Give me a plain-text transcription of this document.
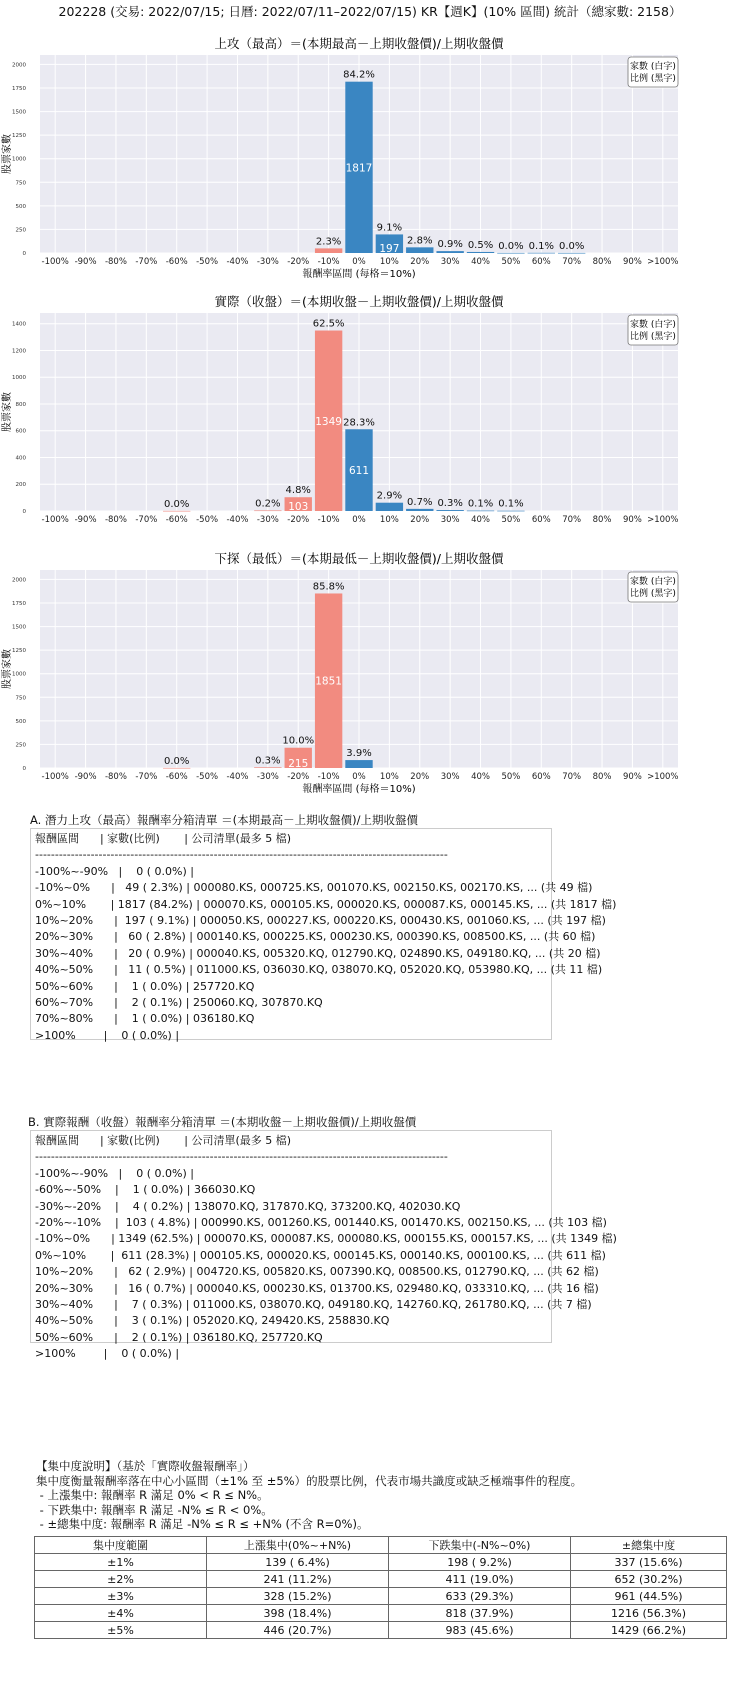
202228 (交易: 2022/07/15; 日曆: 2022/07/11–2022/07/15) KR【週K】(10% 區間) 統計（總家數: 2158）
上攻（最高）＝(本期最高－上期收盤價)/上期收盤價
0
250
500
750
1000
1250
1500
1750
2000
股票家數
-100% -90% -80% -70% -60% -50% -40% -30% -20% -10% 0% 10% 20% 30% 40% 50% 60% 70% 80% 90% >100%
報酬率區間 (每格＝10%)
2.3%
1817
84.2%
197
9.1%
2.8% 0.9% 0.5% 0.0% 0.1% 0.0%
家數 (白字)
比例 (黑字)
實際（收盤）＝(本期收盤－上期收盤價)/上期收盤價
0
200
400
600
800
1000
1200
1400
股票家數
-100% -90% -80% -70% -60% -50% -40% -30% -20% -10% 0% 10% 20% 30% 40% 50% 60% 70% 80% 90% >100%
0.0%	0.2% 103
4.8%
1349
62.5%
611
28.3%
2.9%
0.7% 0.3% 0.1% 0.1%
家數 (白字)
比例 (黑字)
下探（最低）＝(本期最低－上期收盤價)/上期收盤價
0
250
500
750
1000
1250
1500
1750
2000
股票家數
-100% -90% -80% -70% -60% -50% -40% -30% -20% -10% 0% 10% 20% 30% 40% 50% 60% 70% 80% 90% >100%
報酬率區間 (每格＝10%)
0.0%	0.3% 215
10.0%
1851
85.8%
3.9%
家數 (白字)
比例 (黑字)
A. 潛力上攻（最高）報酬率分箱清單 ＝(本期最高－上期收盤價)/上期收盤價
報酬區間      | 家數(比例)       | 公司清單(最多 5 檔)
--------------------------------------------------------------------------------------------------------
-100%~-90%   |    0 ( 0.0%) |
-10%~0%      |   49 ( 2.3%) | 000080.KS, 000725.KS, 001070.KS, 002150.KS, 002170.KS, ... (共 49 檔)
0%~10%       | 1817 (84.2%) | 000070.KS, 000105.KS, 000020.KS, 000087.KS, 000145.KS, ... (共 1817 檔)
10%~20%      |  197 ( 9.1%) | 000050.KS, 000227.KS, 000220.KS, 000430.KS, 001060.KS, ... (共 197 檔)
20%~30%      |   60 ( 2.8%) | 000140.KS, 000225.KS, 000230.KS, 000390.KS, 008500.KS, ... (共 60 檔)
30%~40%      |   20 ( 0.9%) | 000040.KS, 005320.KQ, 012790.KQ, 024890.KS, 049180.KQ, ... (共 20 檔)
40%~50%      |   11 ( 0.5%) | 011000.KS, 036030.KQ, 038070.KQ, 052020.KQ, 053980.KQ, ... (共 11 檔)
50%~60%      |    1 ( 0.0%) | 257720.KQ
60%~70%      |    2 ( 0.1%) | 250060.KQ, 307870.KQ
70%~80%      |    1 ( 0.0%) | 036180.KQ
>100%        |    0 ( 0.0%) |
B. 實際報酬（收盤）報酬率分箱清單 ＝(本期收盤－上期收盤價)/上期收盤價
報酬區間      | 家數(比例)       | 公司清單(最多 5 檔)
--------------------------------------------------------------------------------------------------------
-100%~-90%   |    0 ( 0.0%) |
-60%~-50%    |    1 ( 0.0%) | 366030.KQ
-30%~-20%    |    4 ( 0.2%) | 138070.KQ, 317870.KQ, 373200.KQ, 402030.KQ
-20%~-10%    |  103 ( 4.8%) | 000990.KS, 001260.KS, 001440.KS, 001470.KS, 002150.KS, ... (共 103 檔)
-10%~0%      | 1349 (62.5%) | 000070.KS, 000087.KS, 000080.KS, 000155.KS, 000157.KS, ... (共 1349 檔)
0%~10%       |  611 (28.3%) | 000105.KS, 000020.KS, 000145.KS, 000140.KS, 000100.KS, ... (共 611 檔)
10%~20%      |   62 ( 2.9%) | 004720.KS, 005820.KS, 007390.KQ, 008500.KS, 012790.KQ, ... (共 62 檔)
20%~30%      |   16 ( 0.7%) | 000040.KS, 000230.KS, 013700.KS, 029480.KQ, 033310.KQ, ... (共 16 檔)
30%~40%      |    7 ( 0.3%) | 011000.KS, 038070.KQ, 049180.KQ, 142760.KQ, 261780.KQ, ... (共 7 檔)
40%~50%      |    3 ( 0.1%) | 052020.KQ, 249420.KS, 258830.KQ
50%~60%      |    2 ( 0.1%) | 036180.KQ, 257720.KQ
>100%        |    0 ( 0.0%) |
【集中度說明】（基於「實際收盤報酬率」）
集中度衡量報酬率落在中心小區間（±1% 至 ±5%）的股票比例，代表市場共識度或缺乏極端事件的程度。
- 上漲集中: 報酬率 R 滿足 0% < R ≤ N%。
- 下跌集中: 報酬率 R 滿足 -N% ≤ R < 0%。
- ±總集中度: 報酬率 R 滿足 -N% ≤ R ≤ +N% (不含 R=0%)。
集中度範圍	上漲集中(0%~+N%)	下跌集中(-N%~0%)	±總集中度
±1%	139 ( 6.4%)	198 ( 9.2%)	337 (15.6%)
±2%	241 (11.2%)	411 (19.0%)	652 (30.2%)
±3%	328 (15.2%)	633 (29.3%)	961 (44.5%)
±4%	398 (18.4%)	818 (37.9%)	1216 (56.3%)
±5%	446 (20.7%)	983 (45.6%)	1429 (66.2%)
